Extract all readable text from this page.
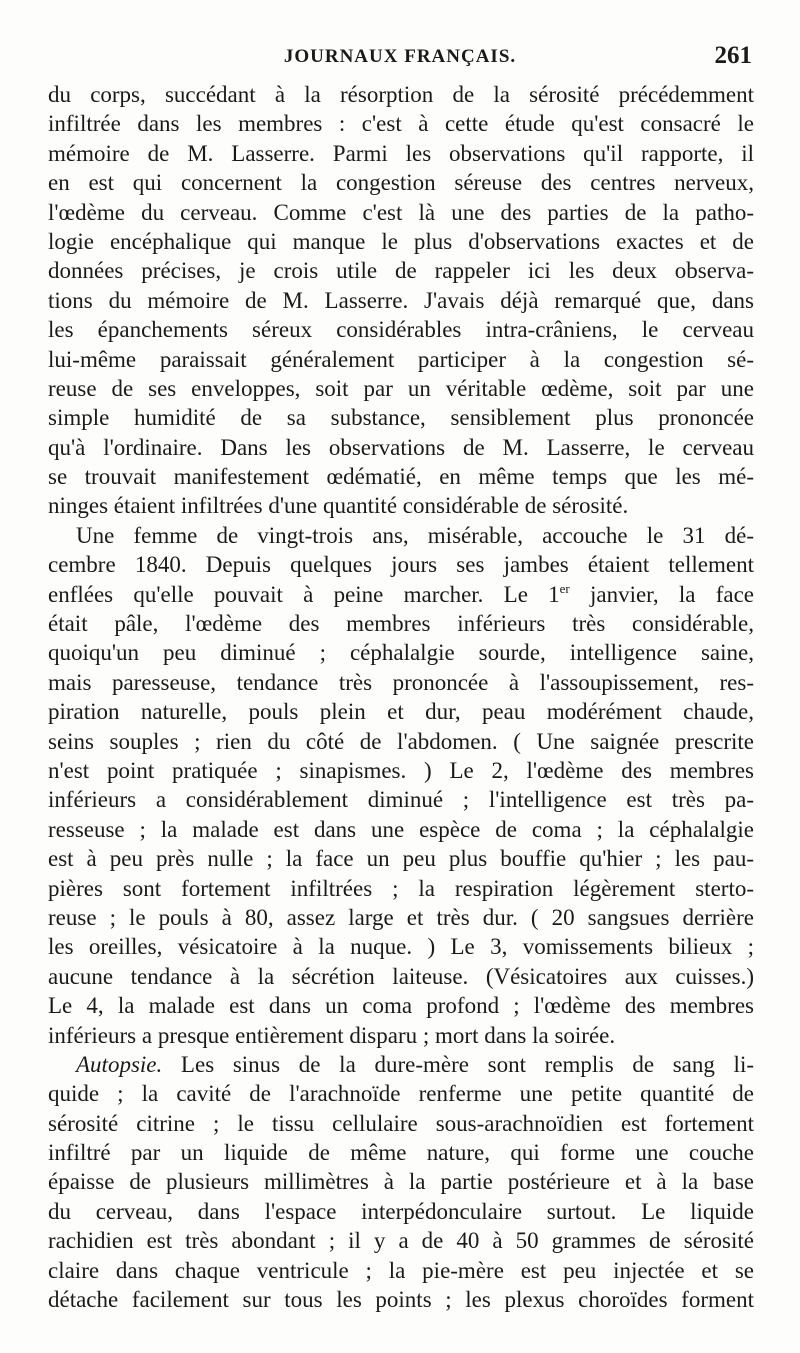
JOURNAUX FRANÇAIS.	261
du corps, succédant à la résorption de la sérosité précédemment
infiltrée dans les membres : c'est à cette étude qu'est consacré le
mémoire de M. Lasserre. Parmi les observations qu'il rapporte, il
en est qui concernent la congestion séreuse des centres nerveux,
l'œdème du cerveau. Comme c'est là une des parties de la patho-
logie encéphalique qui manque le plus d'observations exactes et de
données précises, je crois utile de rappeler ici les deux observa-
tions du mémoire de M. Lasserre. J'avais déjà remarqué que, dans
les épanchements séreux considérables intra-crâniens, le cerveau
lui-même paraissait généralement participer à la congestion sé-
reuse de ses enveloppes, soit par un véritable œdème, soit par une
simple humidité de sa substance, sensiblement plus prononcée
qu'à l'ordinaire. Dans les observations de M. Lasserre, le cerveau
se trouvait manifestement œdématié, en même temps que les mé-
ninges étaient infiltrées d'une quantité considérable de sérosité.
Une femme de vingt-trois ans, misérable, accouche le 31 dé-
cembre 1840. Depuis quelques jours ses jambes étaient tellement
enflées qu'elle pouvait à peine marcher. Le 1er janvier, la face
était pâle, l'œdème des membres inférieurs très considérable,
quoiqu'un peu diminué ; céphalalgie sourde, intelligence saine,
mais paresseuse, tendance très prononcée à l'assoupissement, res-
piration naturelle, pouls plein et dur, peau modérément chaude,
seins souples ; rien du côté de l'abdomen. ( Une saignée prescrite
n'est point pratiquée ; sinapismes. ) Le 2, l'œdème des membres
inférieurs a considérablement diminué ; l'intelligence est très pa-
resseuse ; la malade est dans une espèce de coma ; la céphalalgie
est à peu près nulle ; la face un peu plus bouffie qu'hier ; les pau-
pières sont fortement infiltrées ; la respiration légèrement sterto-
reuse ; le pouls à 80, assez large et très dur. ( 20 sangsues derrière
les oreilles, vésicatoire à la nuque. ) Le 3, vomissements bilieux ;
aucune tendance à la sécrétion laiteuse. (Vésicatoires aux cuisses.)
Le 4, la malade est dans un coma profond ; l'œdème des membres
inférieurs a presque entièrement disparu ; mort dans la soirée.
Autopsie. Les sinus de la dure-mère sont remplis de sang li-
quide ; la cavité de l'arachnoïde renferme une petite quantité de
sérosité citrine ; le tissu cellulaire sous-arachnoïdien est fortement
infiltré par un liquide de même nature, qui forme une couche
épaisse de plusieurs millimètres à la partie postérieure et à la base
du cerveau, dans l'espace interpédonculaire surtout. Le liquide
rachidien est très abondant ; il y a de 40 à 50 grammes de sérosité
claire dans chaque ventricule ; la pie-mère est peu injectée et se
détache facilement sur tous les points ; les plexus choroïdes forment
